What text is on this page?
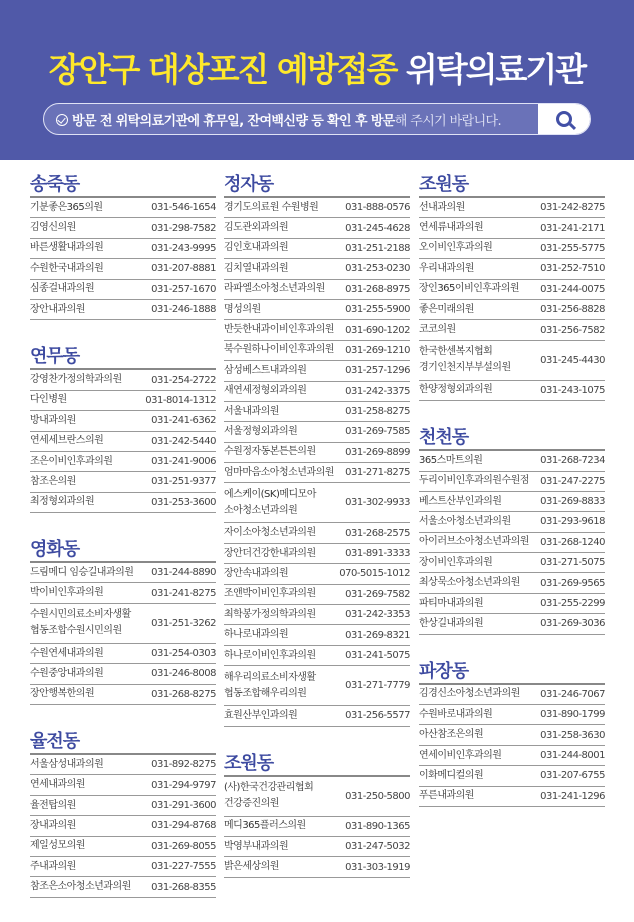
장안구 대상포진 예방접종 위탁의료기관
방문 전 위탁의료기관에 휴무일, 잔여백신량 등 확인 후 방문해 주시기 바랍니다.
송죽동
기분좋은365의원	031-546-1654
김영신의원	031-298-7582
바른생활내과의원	031-243-9995
수원한국내과의원	031-207-8881
심종걸내과의원	031-257-1670
장안내과의원	031-246-1888
연무동
강영찬가정의학과의원	031-254-2722
다인병원	031-8014-1312
방내과의원	031-241-6362
연세세브란스의원	031-242-5440
조은이비인후과의원	031-241-9006
참조은의원	031-251-9377
최정형외과의원	031-253-3600
영화동
드림메디 임승길내과의원 031-244-8890
박이비인후과의원	031-241-8275
수원시민의료소비자생활
협동조합수원시민의원
031-251-3262
수원연세내과의원	031-254-0303
수원중앙내과의원	031-246-8008
장안행복한의원	031-268-8275
율전동
서울삼성내과의원	031-892-8275
연세내과의원	031-294-9797
율전탑의원	031-291-3600
장내과의원	031-294-8768
제일성모의원	031-269-8055
주내과의원	031-227-7555
참조은소아청소년과의원 031-268-8355
정자동
경기도의료원 수원병원	031-888-0576
김도관외과의원	031-245-4628
김인호내과의원	031-251-2188
김치열내과의원	031-253-0230
라파엘소아청소년과의원 031-268-8975
명성의원	031-255-5900
반듯한내과이비인후과의원 031-690-1202
북수원하나이비인후과의원 031-269-1210
삼성베스트내과의원	031-257-1296
새연세정형외과의원	031-242-3375
서울내과의원	031-258-8275
서울정형외과의원	031-269-7585
수원정자동본튼튼의원	031-269-8899
엄마마음소아청소년과의원 031-271-8275
에스케이(SK)메디모아
소아청소년과의원
031-302-9933
자이소아청소년과의원	031-268-2575
장안더건강한내과의원	031-891-3333
장안속내과의원	070-5015-1012
조앤박이비인후과의원	031-269-7582
최학봉가정의학과의원	031-242-3353
하나로내과의원	031-269-8321
하나로이비인후과의원	031-241-5075
해우리의료소비자생활
협동조합해우리의원
031-271-7779
효원산부인과의원	031-256-5577
조원동
(사)한국건강관리협회
건강증진의원
031-250-5800
메디365플러스의원	031-890-1365
박영부내과의원	031-247-5032
밝은세상의원	031-303-1919
조원동
선내과의원	031-242-8275
연세류내과의원	031-241-2171
오이비인후과의원	031-255-5775
우리내과의원	031-252-7510
장인365이비인후과의원 031-244-0075
좋은미래의원	031-256-8828
코코의원	031-256-7582
한국한센복지협회
경기인천지부부설의원
031-245-4430
한양정형외과의원	031-243-1075
천천동
365스마트의원	031-268-7234
두리이비인후과의원수원점 031-247-2275
베스트산부인과의원	031-269-8833
서울소아청소년과의원	031-293-9618
아이러브소아청소년과의원 031-268-1240
장이비인후과의원	031-271-5075
최상묵소아청소년과의원 031-269-9565
파티마내과의원	031-255-2299
한상길내과의원	031-269-3036
파장동
김경신소아청소년과의원 031-246-7067
수원바로내과의원	031-890-1799
아산참조은의원	031-258-3630
연세이비인후과의원	031-244-8001
이화메디컬의원	031-207-6755
푸른내과의원	031-241-1296
